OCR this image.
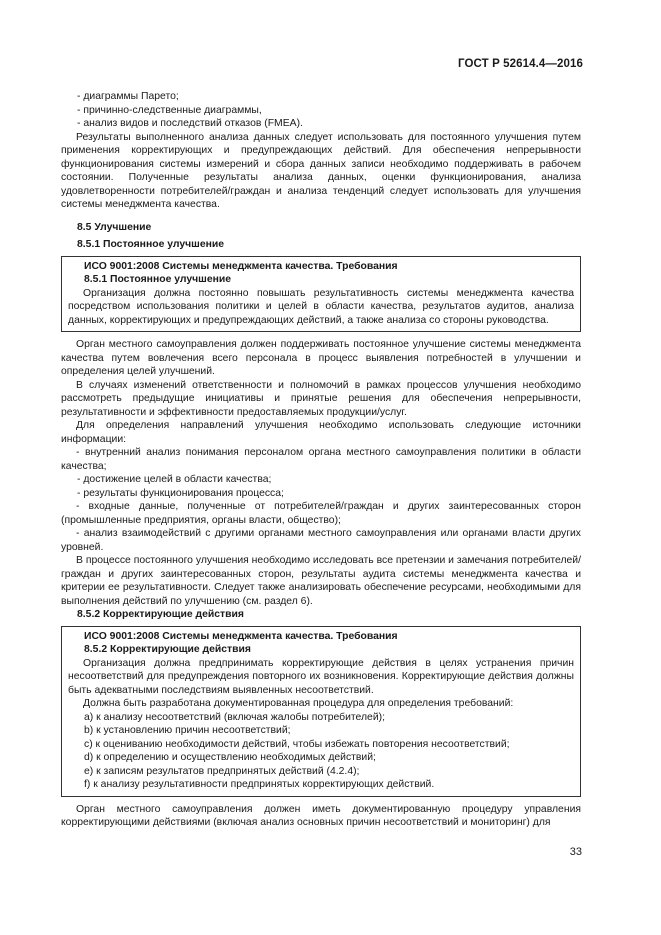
ГОСТ Р 52614.4—2016

- диаграммы Парето;

- причинно-следственные диаграммы,

- анализ видов и последствий отказов (FMEA).

Результаты выполненного анализа данных следует использовать для постоянного улучшения путем применения корректирующих и предупреждающих действий. Для обеспечения непрерывности функционирования системы измерений и сбора данных записи необходимо поддерживать в рабочем состоянии. Полученные результаты анализа данных, оценки функционирования, анализа удовлетворенности потребителей/граждан и анализа тенденций следует использовать для улучшения системы менеджмента качества.

8.5 Улучшение

8.5.1 Постоянное улучшение

ИСО 9001:2008 Системы менеджмента качества. Требования

8.5.1 Постоянное улучшение

Организация должна постоянно повышать результативность системы менеджмента качества посредством использования политики и целей в области качества, результатов аудитов, анализа данных, корректирующих и предупреждающих действий, а также анализа со стороны руководства.

Орган местного самоуправления должен поддерживать постоянное улучшение системы менеджмента качества путем вовлечения всего персонала в процесс выявления потребностей в улучшении и определения целей улучшений.

В случаях изменений ответственности и полномочий в рамках процессов улучшения необходимо рассмотреть предыдущие инициативы и принятые решения для обеспечения непрерывности, результативности и эффективности предоставляемых продукции/услуг.

Для определения направлений улучшения необходимо использовать следующие источники информации:

- внутренний анализ понимания персоналом органа местного самоуправления политики в области качества;

- достижение целей в области качества;

- результаты функционирования процесса;

- входные данные, полученные от потребителей/граждан и других заинтересованных сторон (промышленные предприятия, органы власти, общество);

- анализ взаимодействий с другими органами местного самоуправления или органами власти других уровней.

В процессе постоянного улучшения необходимо исследовать все претензии и замечания потребителей/граждан и других заинтересованных сторон, результаты аудита системы менеджмента качества и критерии ее результативности. Следует также анализировать обеспечение ресурсами, необходимыми для выполнения действий по улучшению (см. раздел 6).

8.5.2 Корректирующие действия

ИСО 9001:2008 Системы менеджмента качества. Требования

8.5.2 Корректирующие действия

Организация должна предпринимать корректирующие действия в целях устранения причин несоответствий для предупреждения повторного их возникновения. Корректирующие действия должны быть адекватными последствиям выявленных несоответствий.

Должна быть разработана документированная процедура для определения требований:

a) к анализу несоответствий (включая жалобы потребителей);

b) к установлению причин несоответствий;

c) к оцениванию необходимости действий, чтобы избежать повторения несоответствий;

d) к определению и осуществлению необходимых действий;

e) к записям результатов предпринятых действий (4.2.4);

f) к анализу результативности предпринятых корректирующих действий.

Орган местного самоуправления должен иметь документированную процедуру управления корректирующими действиями (включая анализ основных причин несоответствий и мониторинг) для

33
